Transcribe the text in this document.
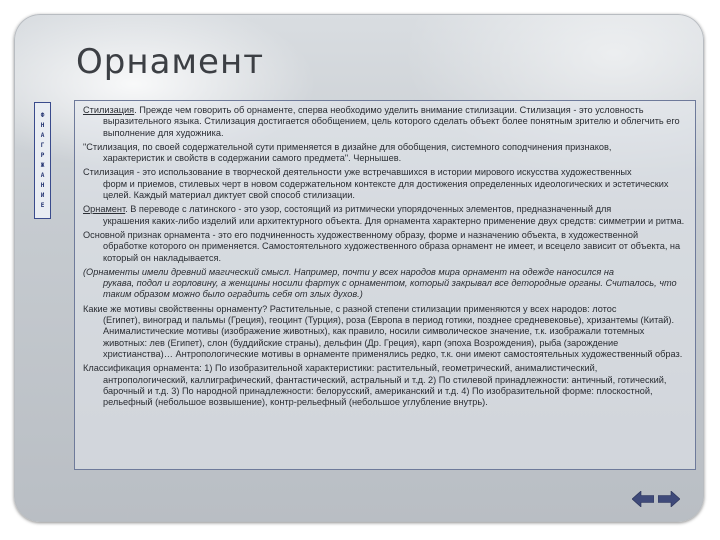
Орнамент
Ф
Н
А
Г
Р
Ж
А
Н
И
Е

Стилизация. Прежде чем говорить об орнаменте, сперва необходимо уделить внимание стилизации. Стилизация - это условность
выразительного языка. Стилизация достигается обобщением, цель которого сделать объект более понятным зрителю и облегчить его выполнение для художника.

"Стилизация, по своей содержательной сути применяется в дизайне для обобщения, системного соподчинения признаков,
характеристик и свойств в содержании самого предмета". Чернышев.

Стилизация - это использование в творческой деятельности уже встречавшихся в истории мирового искусства художественных
форм и приемов, стилевых черт в новом содержательном контексте для достижения определенных идеологических и эстетических целей. Каждый материал диктует свой способ стилизации.

Орнамент. В переводе с латинского - это узор, состоящий из ритмически упорядоченных элементов, предназначенный для
украшения каких-либо изделий или архитектурного объекта. Для орнамента характерно применение двух средств: симметрии и ритма.

Основной признак орнамента - это его подчиненность художественному образу, форме и назначению объекта, в художественной
обработке которого он применяется. Самостоятельного художественного образа орнамент не имеет, и всецело зависит от объекта, на который он накладывается.

(Орнаменты имели древний магический смысл. Например, почти у всех народов мира орнамент на одежде наносился на
рукава, подол и горловину, а женщины носили фартук с орнаментом, который закрывал все детородные органы. Считалось, что таким образом можно было оградить себя от злых духов.)

Какие же мотивы свойственны орнаменту? Растительные, с разной степени стилизации применяются у всех народов: лотос
(Египет), виноград и пальмы (Греция), геоцинт (Турция), роза (Европа в период готики, позднее средневековье), хризантемы (Китай). Анималистические мотивы (изображение животных), как правило, носили символическое значение, т.к. изображали тотемных животных: лев (Египет), слон (буддийские страны), дельфин (Др. Греция), карп (эпоха Возрождения), рыба (зарождение христианства)… Антропологические мотивы в орнаменте применялись редко, т.к. они имеют самостоятельных художественный образ.

Классификация орнамента: 1) По изобразительной характеристики: растительный, геометрический, анималистический,
антропологический, каллиграфический, фантастический, астральный и т.д. 2) По стилевой принадлежности: античный, готический, барочный и т.д. 3) По народной принадлежности: белорусский, американский и т.д. 4) По изобразительной форме: плоскостной, рельефный (небольшое возвышение), контр-рельефный (небольшое углубление внутрь).
